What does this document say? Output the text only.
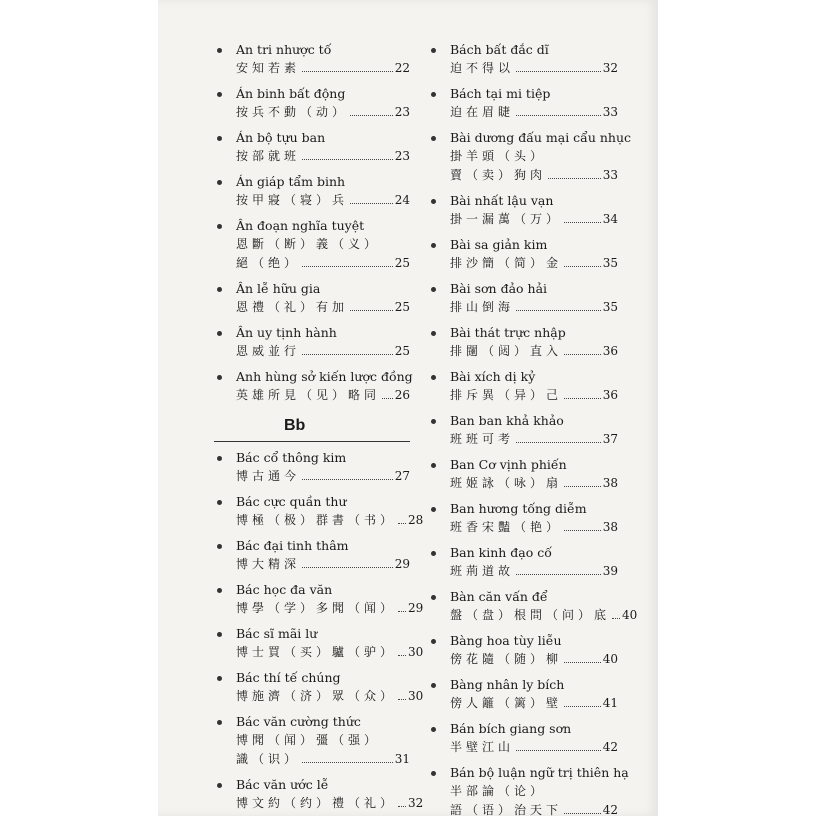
An tri nhược tố
安知若素	22
Án binh bất động
按兵不動（动）	23
Án bộ tựu ban
按部就班	23
Án giáp tẩm binh
按甲寢（寝）兵	24
Ân đoạn nghĩa tuyệt
恩斷（断）義（义）
絕（绝）	25
Ân lễ hữu gia
恩禮（礼）有加	25
Ân uy tịnh hành
恩威並行	25
Anh hùng sở kiến lược đồng
英雄所見（见）略同 26
Bb
Bác cổ thông kim
博古通今	27
Bác cực quần thư
博極（极）群書（书） 28
Bác đại tinh thâm
博大精深	29
Bác học đa văn
博學（学）多聞（闻） 29
Bác sĩ mãi lư
博士買（买）驢（驴） 30
Bác thí tế chúng
博施濟（济）眾（众） 30
Bác văn cường thức
博聞（闻）彊（强）
識（识）	31
Bác văn ước lễ
博文約（约）禮（礼） 32
Bách bất đắc dĩ
迫不得以	32
Bách tại mi tiệp
迫在眉睫	33
Bài dương đấu mại cẩu nhục
掛羊頭（头）
賣（卖）狗肉	33
Bài nhất lậu vạn
掛一漏萬（万）	34
Bài sa giản kim
排沙簡（简）金	35
Bài sơn đảo hải
排山倒海	35
Bài thát trực nhập
排闥（闼）直入	36
Bài xích dị kỷ
排斥異（异）己	36
Ban ban khả khảo
班班可考	37
Ban Cơ vịnh phiến
班姬詠（咏）扇	38
Ban hương tống diễm
班香宋豔（艳）	38
Ban kinh đạo cố
班荊道故	39
Bàn căn vấn để
盤（盘）根問（问）底 40
Bàng hoa tùy liễu
傍花隨（随）柳	40
Bàng nhân ly bích
傍人籬（篱）壁	41
Bán bích giang sơn
半壁江山	42
Bán bộ luận ngữ trị thiên hạ
半部論（论）
語（语）治天下	42
